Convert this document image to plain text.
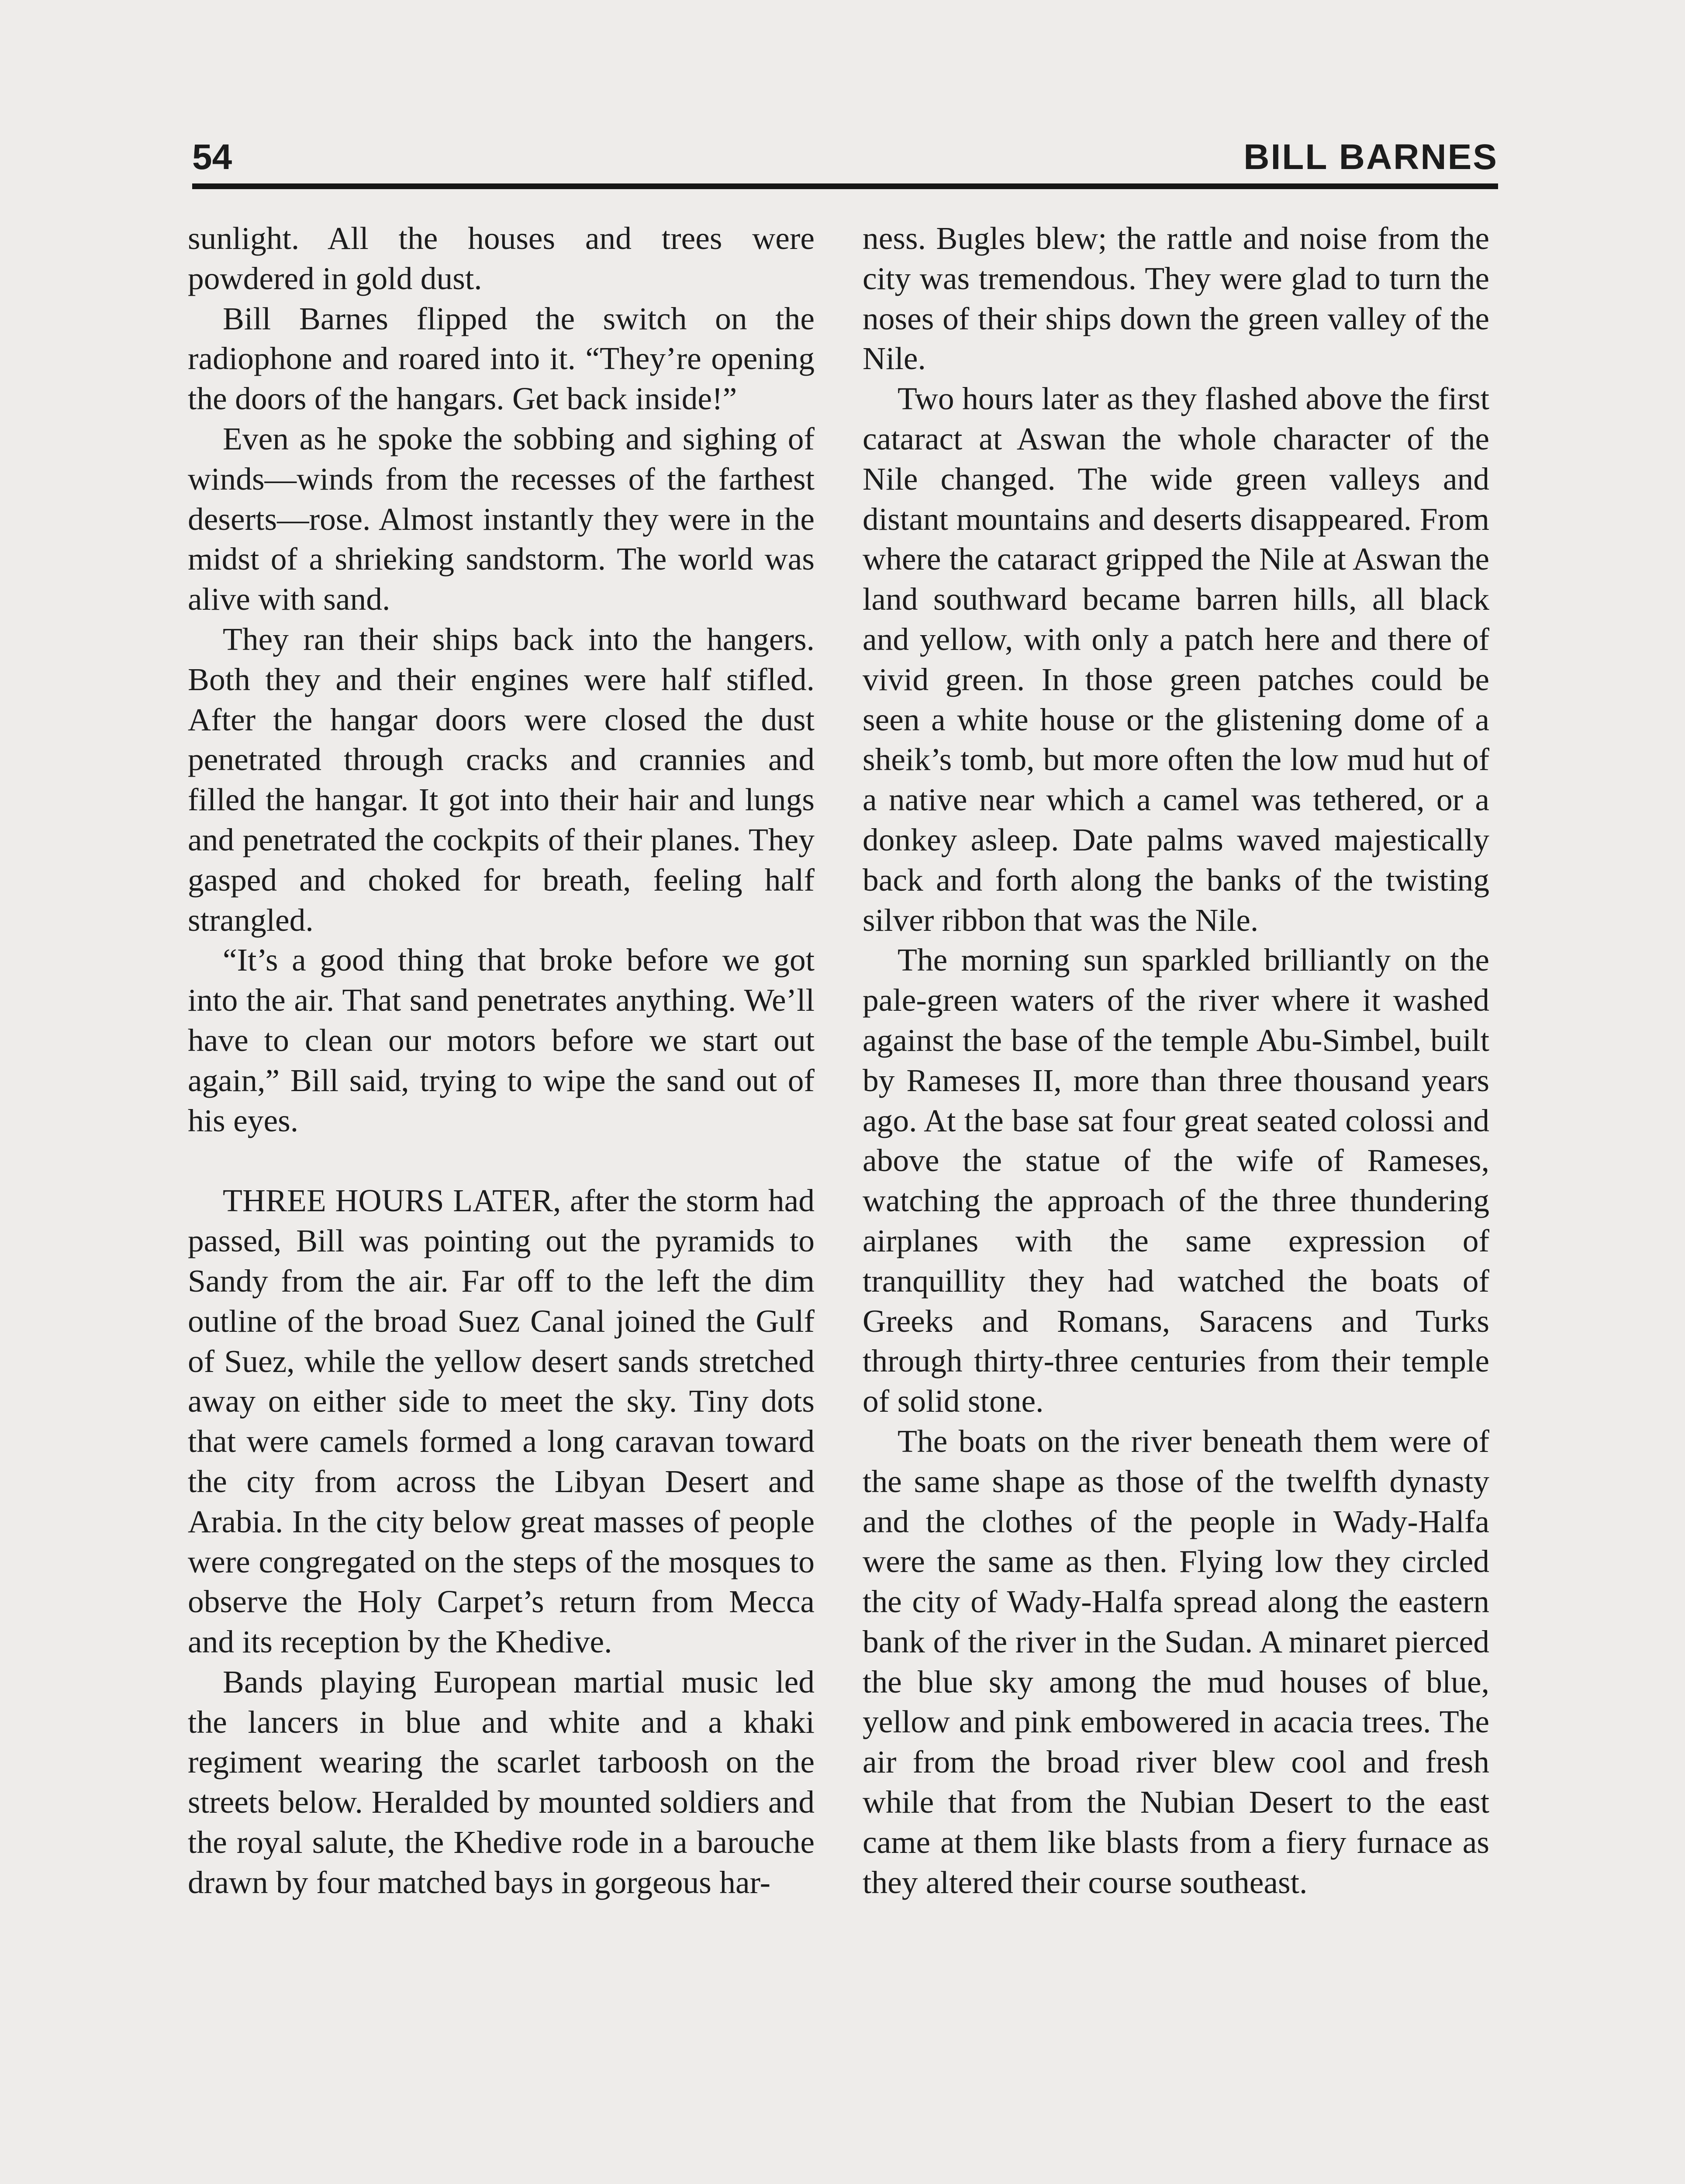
54	BILL BARNES

sunlight. All the houses and trees were powdered in gold dust.

Bill Barnes flipped the switch on the radiophone and roared into it. “They’re opening the doors of the hangars. Get back inside!”

Even as he spoke the sobbing and sighing of winds—winds from the recesses of the farthest deserts—rose. Almost instantly they were in the midst of a shrieking sandstorm. The world was alive with sand.

They ran their ships back into the hangers. Both they and their engines were half stifled. After the hangar doors were closed the dust penetrated through cracks and crannies and filled the hangar. It got into their hair and lungs and penetrated the cockpits of their planes. They gasped and choked for breath, feeling half strangled.

“It’s a good thing that broke before we got into the air. That sand penetrates anything. We’ll have to clean our motors before we start out again,” Bill said, trying to wipe the sand out of his eyes.

THREE HOURS LATER, after the storm had passed, Bill was pointing out the pyramids to Sandy from the air. Far off to the left the dim outline of the broad Suez Canal joined the Gulf of Suez, while the yellow desert sands stretched away on either side to meet the sky. Tiny dots that were camels formed a long caravan toward the city from across the Libyan Desert and Arabia. In the city below great masses of people were congregated on the steps of the mosques to observe the Holy Carpet’s return from Mecca and its reception by the Khedive.

Bands playing European martial music led the lancers in blue and white and a khaki regiment wearing the scarlet tarboosh on the streets below. Heralded by mounted soldiers and the royal salute, the Khedive rode in a barouche drawn by four matched bays in gorgeous har-

ness. Bugles blew; the rattle and noise from the city was tremendous. They were glad to turn the noses of their ships down the green valley of the Nile.

Two hours later as they flashed above the first cataract at Aswan the whole character of the Nile changed. The wide green valleys and distant mountains and deserts disappeared. From where the cataract gripped the Nile at Aswan the land southward became barren hills, all black and yellow, with only a patch here and there of vivid green. In those green patches could be seen a white house or the glistening dome of a sheik’s tomb, but more often the low mud hut of a native near which a camel was tethered, or a donkey asleep. Date palms waved majestically back and forth along the banks of the twisting silver ribbon that was the Nile.

The morning sun sparkled brilliantly on the pale-green waters of the river where it washed against the base of the temple Abu-Simbel, built by Rameses II, more than three thousand years ago. At the base sat four great seated colossi and above the statue of the wife of Rameses, watching the approach of the three thundering airplanes with the same expression of tranquillity they had watched the boats of Greeks and Romans, Saracens and Turks through thirty-three centuries from their temple of solid stone.

The boats on the river beneath them were of the same shape as those of the twelfth dynasty and the clothes of the people in Wady-Halfa were the same as then. Flying low they circled the city of Wady-Halfa spread along the eastern bank of the river in the Sudan. A minaret pierced the blue sky among the mud houses of blue, yellow and pink embowered in acacia trees. The air from the broad river blew cool and fresh while that from the Nubian Desert to the east came at them like blasts from a fiery furnace as they altered their course southeast.
